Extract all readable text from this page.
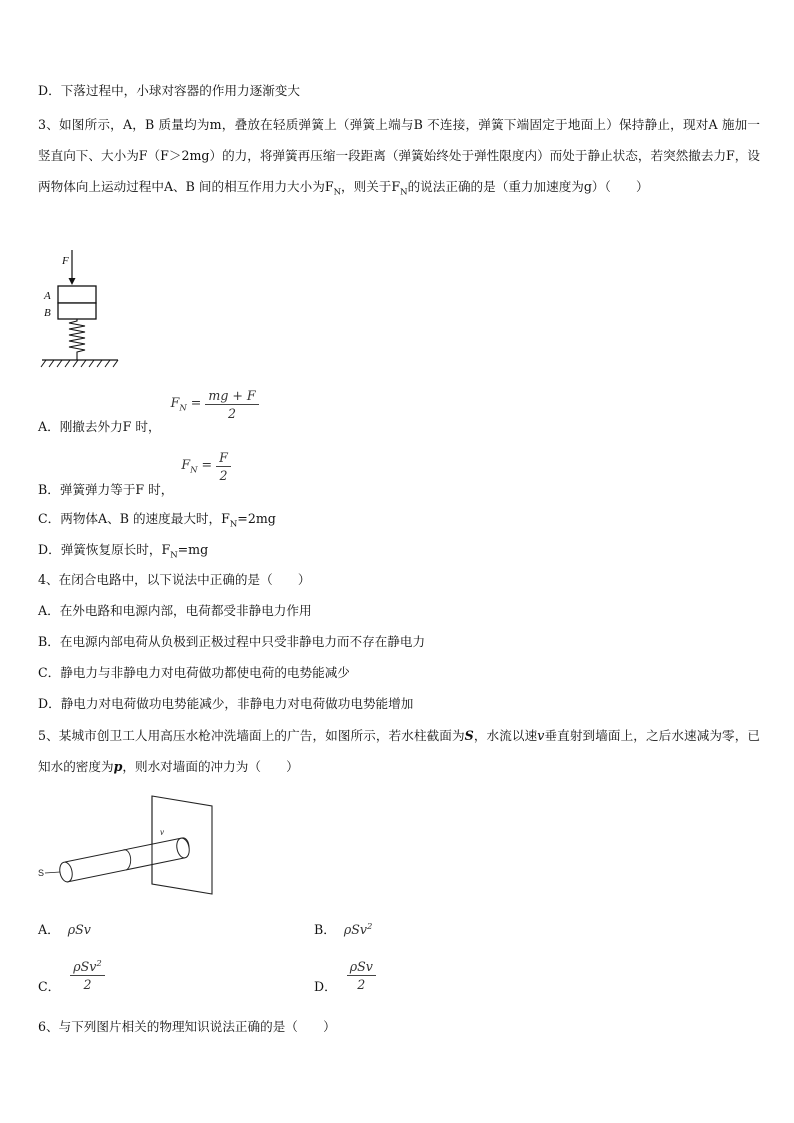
D．下落过程中，小球对容器的作用力逐渐变大
3、如图所示，A，B 质量均为m，叠放在轻质弹簧上（弹簧上端与B 不连接，弹簧下端固定于地面上）保持静止，现对A 施加一竖直向下、大小为F（F＞2mg）的力，将弹簧再压缩一段距离（弹簧始终处于弹性限度内）而处于静止状态，若突然撤去力F，设两物体向上运动过程中A、B 间的相互作用力大小为$F_N$，则关于$F_N$的说法正确的是（重力加速度为g）（　　）
F
A
B
A．刚撤去外力F 时， $F_N = \frac{mg + F}{2}$
B．弹簧弹力等于F 时， $F_N = \frac{F}{2}$
C．两物体A、B 的速度最大时，$F_N=2mg$
D．弹簧恢复原长时，$F_N=mg$
4、在闭合电路中，以下说法中正确的是（　　）
A．在外电路和电源内部，电荷都受非静电力作用
B．在电源内部电荷从负极到正极过程中只受非静电力而不存在静电力
C．静电力与非静电力对电荷做功都使电荷的电势能减少
D．静电力对电荷做功电势能减少，非静电力对电荷做功电势能增加
5、某城市创卫工人用高压水枪冲洗墙面上的广告，如图所示，若水柱截面为S，水流以速v垂直射到墙面上，之后水速减为零，已知水的密度为p，则水对墙面的冲力为（　　）
S
v
A． ρSv	B． ρSv$^2$
C． $\frac{\rho Sv^2}{2}$	D． $\frac{\text{ρSv}}{2}$
6、与下列图片相关的物理知识说法正确的是（　　）
